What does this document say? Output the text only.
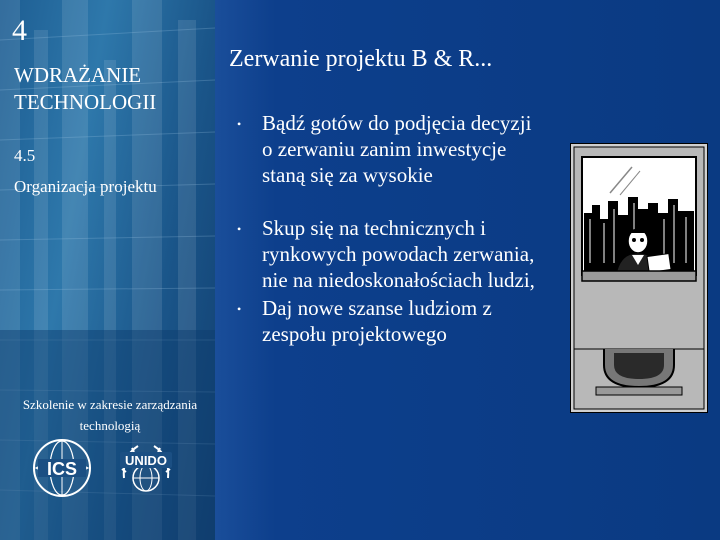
4
WDRAŻANIE TECHNOLOGII
4.5
Organizacja projektu
Szkolenie w zakresie zarządzania technologią
ICS	UNIDO
Zerwanie projektu B & R...
• Bądź gotów do podjęcia decyzji o zerwaniu zanim inwestycje staną się za wysokie
• Skup się na technicznych i rynkowych powodach zerwania, nie na niedoskonałościach ludzi,
• Daj nowe szanse ludziom z zespołu projektowego
